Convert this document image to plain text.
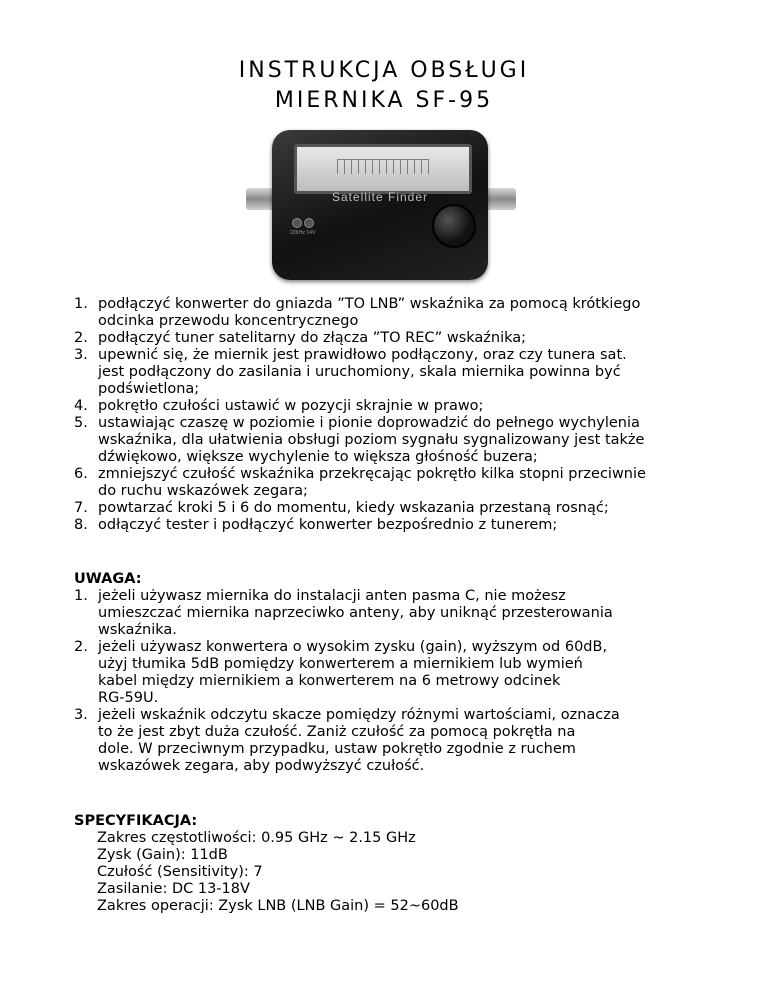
INSTRUKCJA OBSŁUGI
MIERNIKA SF-95
Satellite Finder
22KHz 14V
1. podłączyć konwerter do gniazda ”TO LNB” wskaźnika za pomocą krótkiego
odcinka przewodu koncentrycznego
2. podłączyć tuner satelitarny do złącza ”TO REC” wskaźnika;
3. upewnić się, że miernik jest prawidłowo podłączony, oraz czy tunera sat.
jest podłączony do zasilania i uruchomiony, skala miernika powinna być
podświetlona;
4. pokrętło czułości ustawić w pozycji skrajnie w prawo;
5. ustawiając czaszę w poziomie i pionie doprowadzić do pełnego wychylenia
wskaźnika, dla ułatwienia obsługi poziom sygnału sygnalizowany jest także
dźwiękowo, większe wychylenie to większa głośność buzera;
6. zmniejszyć czułość wskaźnika przekręcając pokrętło kilka stopni przeciwnie
do ruchu wskazówek zegara;
7. powtarzać kroki 5 i 6 do momentu, kiedy wskazania przestaną rosnąć;
8. odłączyć tester i podłączyć konwerter bezpośrednio z tunerem;
UWAGA:
1. jeżeli używasz miernika do instalacji anten pasma C, nie możesz
umieszczać miernika naprzeciwko anteny, aby uniknąć przesterowania
wskaźnika.
2. jeżeli używasz konwertera o wysokim zysku (gain), wyższym od 60dB,
użyj tłumika 5dB pomiędzy konwerterem a miernikiem lub wymień
kabel między miernikiem a konwerterem na 6 metrowy odcinek
RG-59U.
3. jeżeli wskaźnik odczytu skacze pomiędzy różnymi wartościami, oznacza
to że jest zbyt duża czułość. Zaniż czułość za pomocą pokrętła na
dole. W przeciwnym przypadku, ustaw pokrętło zgodnie z ruchem
wskazówek zegara, aby podwyższyć czułość.
SPECYFIKACJA:
Zakres częstotliwości: 0.95 GHz ~ 2.15 GHz
Zysk (Gain): 11dB
Czułość (Sensitivity): 7
Zasilanie: DC 13-18V
Zakres operacji: Zysk LNB (LNB Gain) = 52~60dB
